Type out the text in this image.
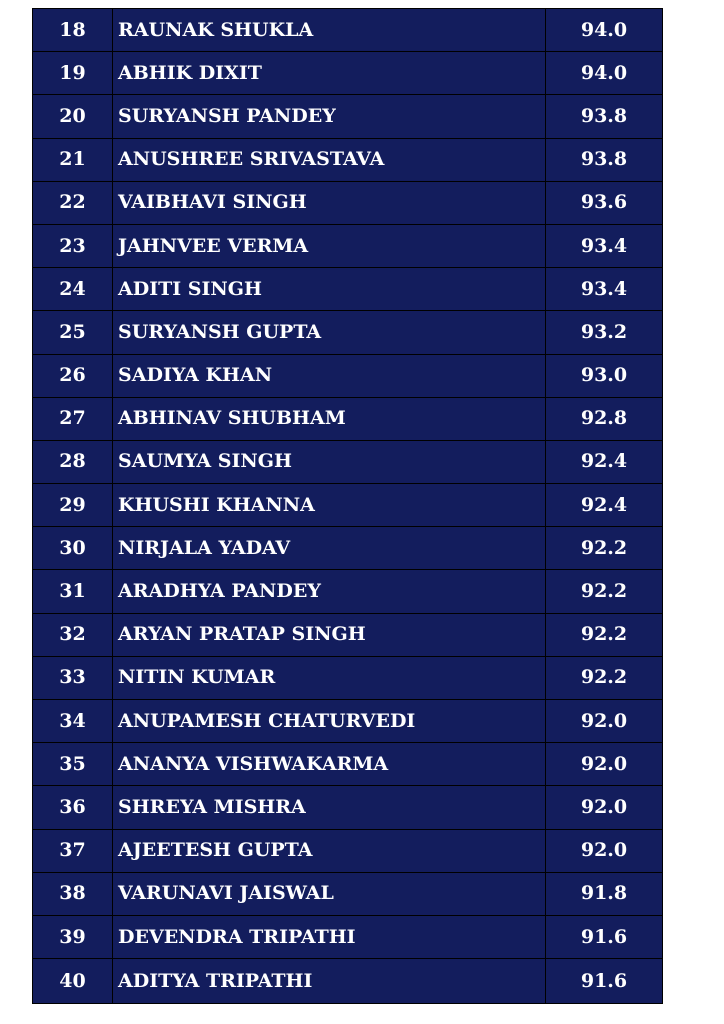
18	RAUNAK SHUKLA	94.0
19	ABHIK DIXIT	94.0
20	SURYANSH PANDEY	93.8
21	ANUSHREE SRIVASTAVA	93.8
22	VAIBHAVI SINGH	93.6
23	JAHNVEE VERMA	93.4
24	ADITI SINGH	93.4
25	SURYANSH GUPTA	93.2
26	SADIYA KHAN	93.0
27	ABHINAV SHUBHAM	92.8
28	SAUMYA SINGH	92.4
29	KHUSHI KHANNA	92.4
30	NIRJALA YADAV	92.2
31	ARADHYA PANDEY	92.2
32	ARYAN PRATAP SINGH	92.2
33	NITIN KUMAR	92.2
34	ANUPAMESH CHATURVEDI	92.0
35	ANANYA VISHWAKARMA	92.0
36	SHREYA MISHRA	92.0
37	AJEETESH GUPTA	92.0
38	VARUNAVI JAISWAL	91.8
39	DEVENDRA TRIPATHI	91.6
40	ADITYA TRIPATHI	91.6
